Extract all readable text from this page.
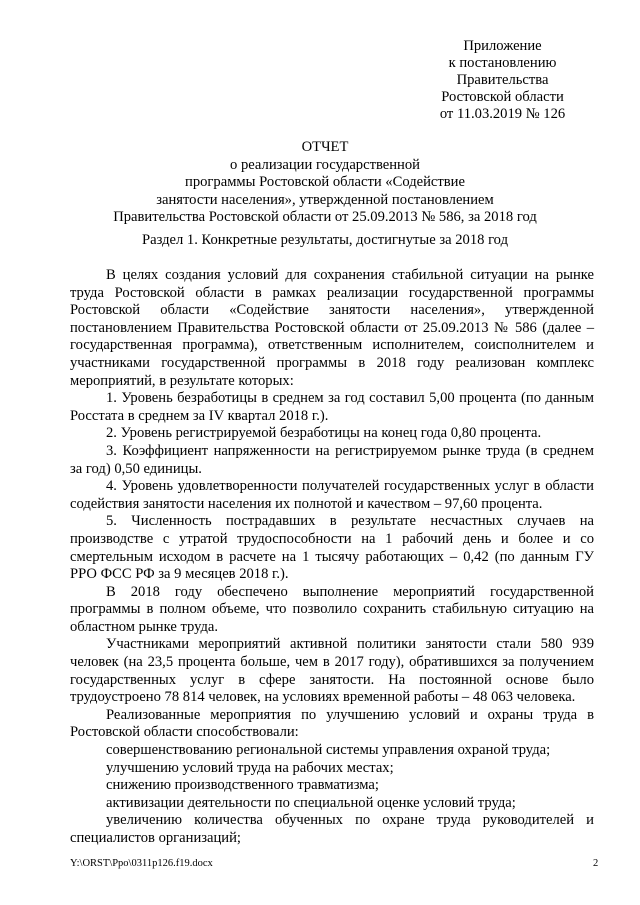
Приложение
к постановлению
Правительства
Ростовской области
от 11.03.2019 № 126
ОТЧЕТ
о реализации государственной
программы Ростовской области «Содействие
занятости населения», утвержденной постановлением
Правительства Ростовской области от 25.09.2013 № 586, за 2018 год
Раздел 1. Конкретные результаты, достигнутые за 2018 год

В целях создания условий для сохранения стабильной ситуации на рынке труда Ростовской области в рамках реализации государственной программы Ростовской области «Содействие занятости населения», утвержденной постановлением Правительства Ростовской области от 25.09.2013 № 586 (далее – государственная программа), ответственным исполнителем, соисполнителем и участниками государственной программы в 2018 году реализован комплекс мероприятий, в результате которых:

1. Уровень безработицы в среднем за год составил 5,00 процента (по данным Росстата в среднем за IV квартал 2018 г.).

2. Уровень регистрируемой безработицы на конец года 0,80 процента.

3. Коэффициент напряженности на регистрируемом рынке труда (в среднем за год) 0,50 единицы.

4. Уровень удовлетворенности получателей государственных услуг в области содействия занятости населения их полнотой и качеством – 97,60 процента.

5. Численность пострадавших в результате несчастных случаев на производстве с утратой трудоспособности на 1 рабочий день и более и со смертельным исходом в расчете на 1 тысячу работающих – 0,42 (по данным ГУ РРО ФСС РФ за 9 месяцев 2018 г.).

В 2018 году обеспечено выполнение мероприятий государственной программы в полном объеме, что позволило сохранить стабильную ситуацию на областном рынке труда.

Участниками мероприятий активной политики занятости стали 580 939 человек (на 23,5 процента больше, чем в 2017 году), обратившихся за получением государственных услуг в сфере занятости. На постоянной основе было трудоустроено 78 814 человек, на условиях временной работы – 48 063 человека.

Реализованные мероприятия по улучшению условий и охраны труда в Ростовской области способствовали:

совершенствованию региональной системы управления охраной труда;

улучшению условий труда на рабочих местах;

снижению производственного травматизма;

активизации деятельности по специальной оценке условий труда;

увеличению количества обученных по охране труда руководителей и специалистов организаций;

Y:\ORST\Ppo\0311p126.f19.docx	2
